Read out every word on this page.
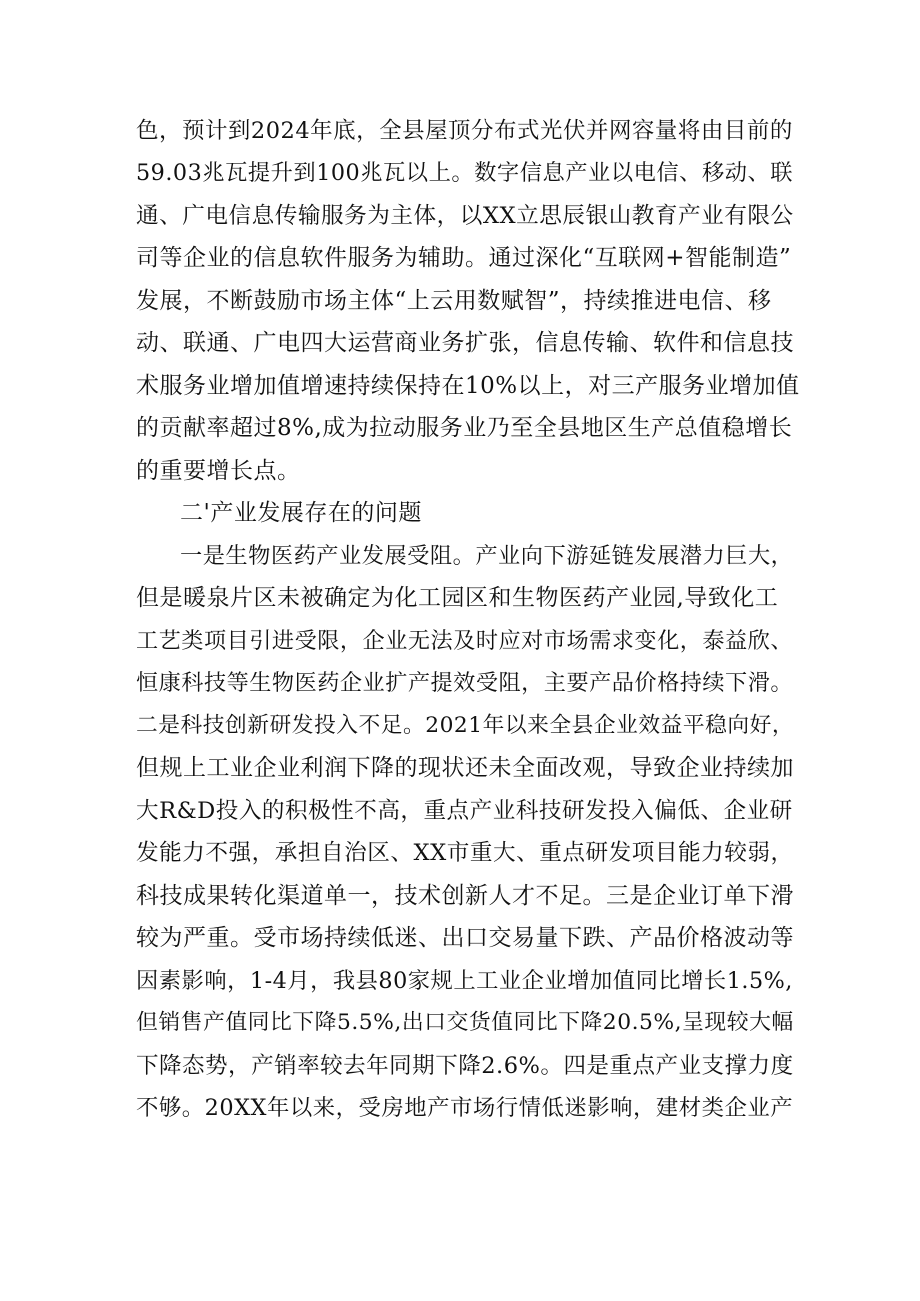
色，预计到2024年底，全县屋顶分布式光伏并网容量将由目前的
59.03兆瓦提升到100兆瓦以上。数字信息产业以电信、移动、联
通、广电信息传输服务为主体，以XX立思辰银山教育产业有限公
司等企业的信息软件服务为辅助。通过深化“互联网+智能制造”
发展，不断鼓励市场主体“上云用数赋智”，持续推进电信、移
动、联通、广电四大运营商业务扩张，信息传输、软件和信息技
术服务业增加值增速持续保持在10%以上，对三产服务业增加值
的贡献率超过8%,成为拉动服务业乃至全县地区生产总值稳增长
的重要增长点。
二'产业发展存在的问题
一是生物医药产业发展受阻。产业向下游延链发展潜力巨大，
但是暖泉片区未被确定为化工园区和生物医药产业园,导致化工
工艺类项目引进受限，企业无法及时应对市场需求变化，泰益欣、
恒康科技等生物医药企业扩产提效受阻，主要产品价格持续下滑。
二是科技创新研发投入不足。2021年以来全县企业效益平稳向好，
但规上工业企业利润下降的现状还未全面改观，导致企业持续加
大R&D投入的积极性不高，重点产业科技研发投入偏低、企业研
发能力不强，承担自治区、XX市重大、重点研发项目能力较弱，
科技成果转化渠道单一，技术创新人才不足。三是企业订单下滑
较为严重。受市场持续低迷、出口交易量下跌、产品价格波动等
因素影响，1-4月，我县80家规上工业企业增加值同比增长1.5%,
但销售产值同比下降5.5%,出口交货值同比下降20.5%,呈现较大幅
下降态势，产销率较去年同期下降2.6%。四是重点产业支撑力度
不够。20XX年以来，受房地产市场行情低迷影响，建材类企业产
